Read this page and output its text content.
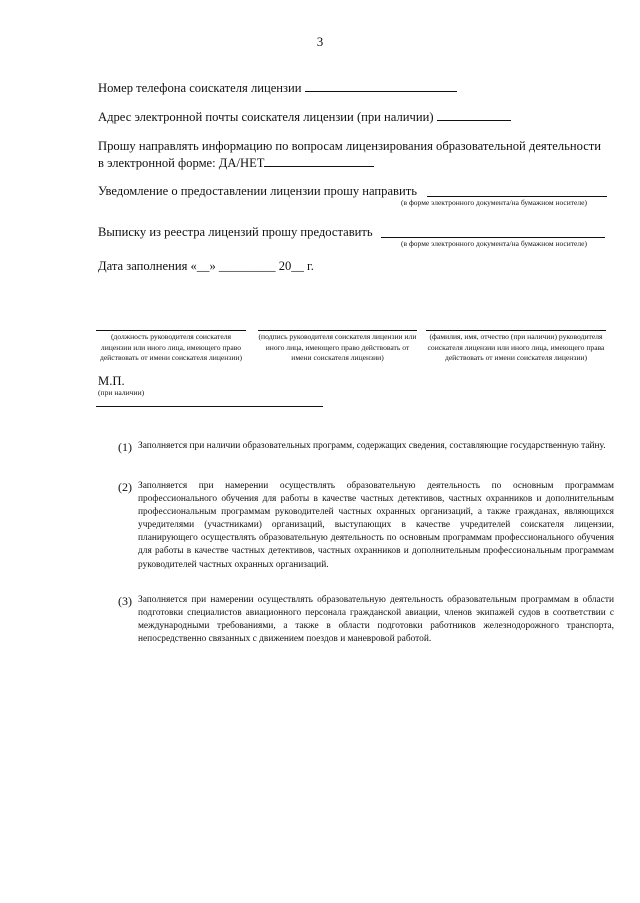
3
Номер телефона соискателя лицензии
Адрес электронной почты соискателя лицензии (при наличии)
Прошу направлять информацию по вопросам лицензирования образовательной деятельности
в электронной форме: ДА/НЕТ
Уведомление о предоставлении лицензии прошу направить
(в форме электронного документа/на бумажном носителе)
Выписку из реестра лицензий прошу предоставить
(в форме электронного документа/на бумажном носителе)
Дата заполнения «__» _________ 20__ г.
(должность руководителя соискателя лицензии или иного лица, имеющего право действовать от имени соискателя лицензии)
(подпись руководителя соискателя лицензии или иного лица, имеющего право действовать от имени соискателя лицензии)
(фамилия, имя, отчество (при наличии) руководителя соискателя лицензии или иного лица, имеющего права действовать от имени соискателя лицензии)
М.П.
(при наличии)
(1) Заполняется при наличии образовательных программ, содержащих сведения, составляющие государственную тайну.
(2) Заполняется при намерении осуществлять образовательную деятельность по основным программам профессионального обучения для работы в качестве частных детективов, частных охранников и дополнительным профессиональным программам руководителей частных охранных организаций, а также гражданах, являющихся учредителями (участниками) организаций, выступающих в качестве учредителей соискателя лицензии, планирующего осуществлять образовательную деятельность по основным программам профессионального обучения для работы в качестве частных детективов, частных охранников и дополнительным профессиональным программам руководителей частных охранных организаций.
(3) Заполняется при намерении осуществлять образовательную деятельность образовательным программам в области подготовки специалистов авиационного персонала гражданской авиации, членов экипажей судов в соответствии с международными требованиями, а также в области подготовки работников железнодорожного транспорта, непосредственно связанных с движением поездов и маневровой работой.
